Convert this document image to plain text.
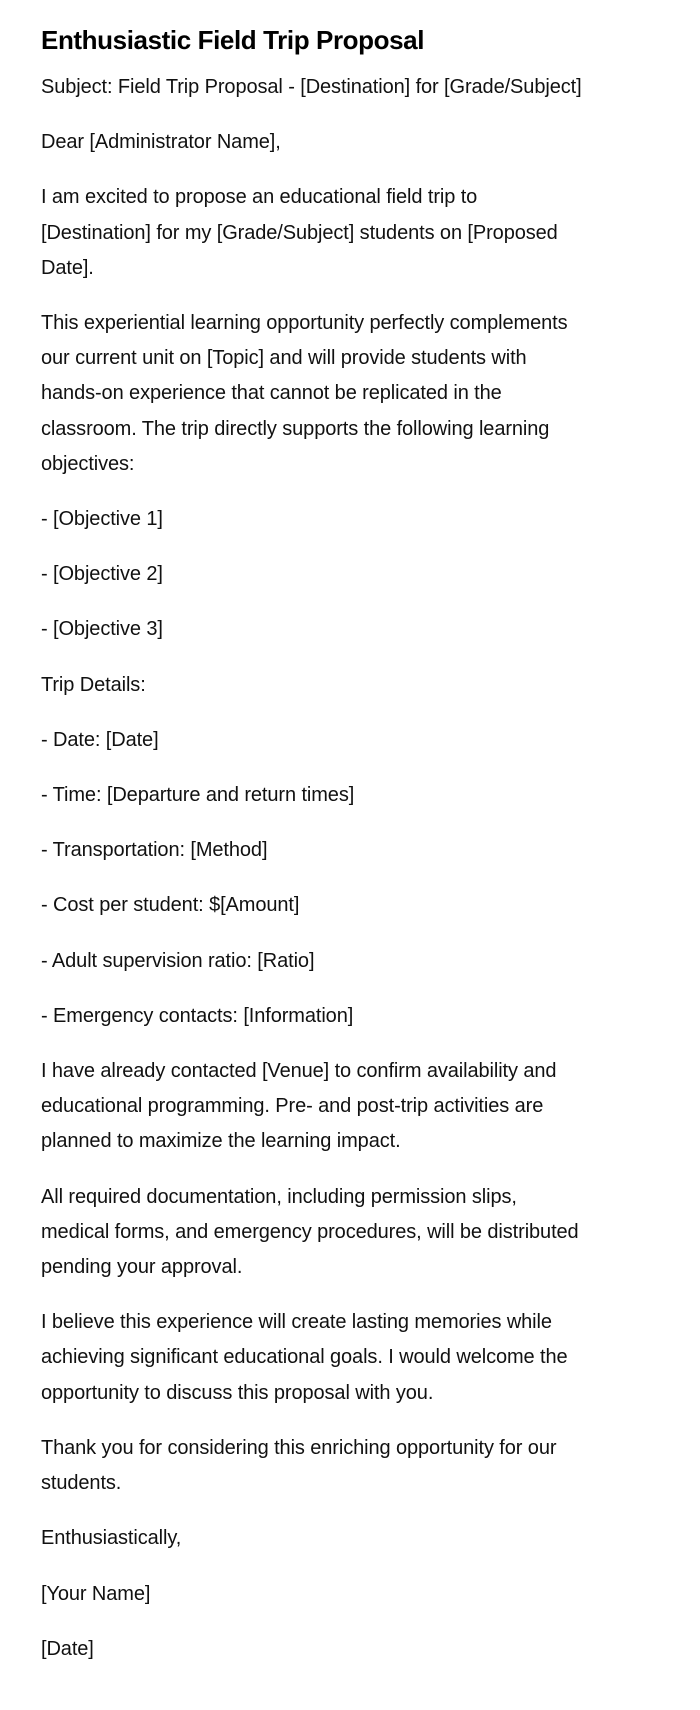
Enthusiastic Field Trip Proposal

Subject: Field Trip Proposal - [Destination] for [Grade/Subject]

Dear [Administrator Name],

I am excited to propose an educational field trip to
[Destination] for my [Grade/Subject] students on [Proposed
Date].

This experiential learning opportunity perfectly complements
our current unit on [Topic] and will provide students with
hands-on experience that cannot be replicated in the
classroom. The trip directly supports the following learning
objectives:

- [Objective 1]

- [Objective 2]

- [Objective 3]

Trip Details:

- Date: [Date]

- Time: [Departure and return times]

- Transportation: [Method]

- Cost per student: $[Amount]

- Adult supervision ratio: [Ratio]

- Emergency contacts: [Information]

I have already contacted [Venue] to confirm availability and
educational programming. Pre- and post-trip activities are
planned to maximize the learning impact.

All required documentation, including permission slips,
medical forms, and emergency procedures, will be distributed
pending your approval.

I believe this experience will create lasting memories while
achieving significant educational goals. I would welcome the
opportunity to discuss this proposal with you.

Thank you for considering this enriching opportunity for our
students.

Enthusiastically,

[Your Name]

[Date]
